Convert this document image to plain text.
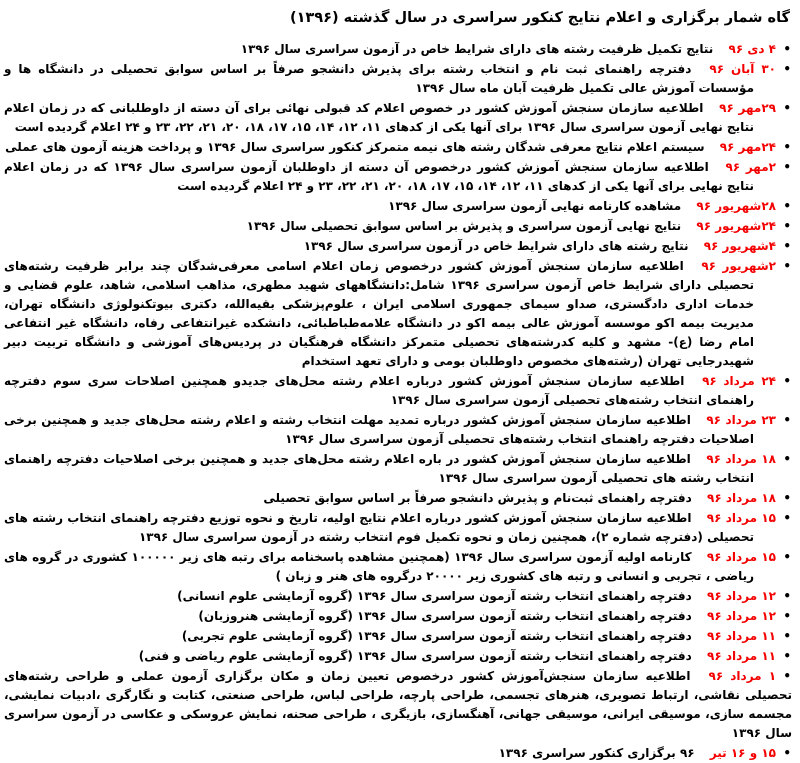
گاه شمار برگزاری و اعلام نتایج کنکور سراسری در سال گذشته (۱۳۹۶)
•
۴ دی ۹۶ نتایج تکمیل ظرفیت رشته های دارای شرایط خاص در آزمون سراسری سال ۱۳۹۶
•
۳۰ آبان ۹۶ دفترچه راهنمای ثبت نام و انتخاب رشته برای پذیرش دانشجو صرفاً بر اساس سوابق تحصیلی در دانشگاه ها و مؤسسات آموزش عالی تکمیل ظرفیت آبان ماه سال ۱۳۹۶
•
۲۹مهر ۹۶ اطلاعیه سازمان سنجش آموزش کشور در خصوص اعلام کد قبولی نهائی برای آن دسته از داوطلبانی که در زمان اعلام نتایج نهایی آزمون سراسری سال ۱۳۹۶ برای آنها یکی از کدهای ۱۱، ۱۲، ۱۴، ۱۵، ۱۷، ۱۸، ۲۰، ۲۱، ۲۲، ۲۳ و ۲۴ اعلام گردیده است
•
۲۴مهر ۹۶ سیستم اعلام نتایج معرفی شدگان رشته های نیمه متمرکز کنکور سراسری سال ۱۳۹۶ و پرداخت هزینه آزمون های عملی
•
۲مهر ۹۶ اطلاعیه سازمان سنجش آموزش کشور درخصوص آن دسته از داوطلبان آزمون سراسری سال ۱۳۹۶ که در زمان اعلام نتایج نهایی برای آنها یکی از کدهای ۱۱، ۱۲، ۱۴، ۱۵، ۱۷، ۱۸، ۲۰، ۲۱، ۲۲، ۲۳ و ۲۴ اعلام گردیده است
•
۲۸شهریور ۹۶ مشاهده کارنامه نهایی آزمون سراسری سال ۱۳۹۶
•
۲۴شهریور ۹۶ نتایج نهایی آزمون سراسری و پذیرش بر اساس سوابق تحصیلی سال ۱۳۹۶
•
۴شهریور ۹۶ نتایج رشته های دارای شرایط خاص در آزمون سراسری سال ۱۳۹۶
•
۲شهریور ۹۶ اطلاعیه سازمان سنجش آموزش کشور درخصوص زمان اعلام اسامی معرفی‌شدگان چند برابر ظرفیت رشته‌های تحصیلی دارای شرایط خاص آزمون سراسری ۱۳۹۶ شامل:دانشگاههای شهید مطهری، مذاهب اسلامی، شاهد، علوم قضایی و خدمات اداری دادگستری، صداو سیمای جمهوری اسلامی ایران ، علوم‌پزشکی بقیه‌الله، دکتری بیوتکنولوژی دانشگاه تهران، مدیریت بیمه اکو موسسه آموزش عالی بیمه اکو در دانشگاه علامه‌طباطبائی، دانشکده غیرانتفاعی رفاه، دانشگاه غیر انتفاعی امام رضا (ع)- مشهد و کلیه کدرشته‌های تحصیلی متمرکز دانشگاه فرهنگیان در پردیس‌های آموزشی و دانشگاه تربیت دبیر شهیدرجایی تهران (رشته‌های مخصوص داوطلبان بومی و دارای تعهد استخدام
•
۲۴ مرداد ۹۶ اطلاعیه سازمان سنجش آموزش کشور درباره اعلام رشته محل‌های جدیدو همچنین اصلاحات سری سوم دفترچه راهنمای انتخاب رشته‌های تحصیلی آزمون سراسری سال ۱۳۹۶
•
۲۳ مرداد ۹۶ اطلاعیه سازمان سنجش آموزش کشور درباره تمدید مهلت انتخاب رشته و اعلام رشته محل‌های جدید و همچنین برخی اصلاحیات دفترچه راهنمای انتخاب رشته‌های تحصیلی آزمون سراسری سال ۱۳۹۶
•
۱۸ مرداد ۹۶ اطلاعیه سازمان سنجش آموزش کشور در باره اعلام رشته محل‌های جدید و همچنین برخی اصلاحیات دفترچه راهنمای انتخاب رشته های تحصیلی آزمون سراسری سال ۱۳۹۶
•
۱۸ مرداد ۹۶ دفترچه راهنمای ثبت‌نام و پذیرش دانشجو صرفاً بر اساس سوابق تحصیلی
•
۱۵ مرداد ۹۶ اطلاعیه سازمان سنجش آموزش کشور درباره اعلام نتایج اولیه، تاریخ و نحوه توزیع دفترچه راهنمای انتخاب رشته های تحصیلی (دفترچه شماره ۲)، همچنین زمان و نحوه تکمیل فوم انتخاب رشته در آزمون سراسری سال ۱۳۹۶
•
۱۵ مرداد ۹۶ کارنامه اولیه آزمون سراسری سال ۱۳۹۶ (همچنین مشاهده پاسخنامه برای رتبه های زیر ۱۰۰۰۰۰ کشوری در گروه های ریاضی ، تجربی و انسانی و رتبه های کشوری زیر ۲۰۰۰۰ درگروه های هنر و زبان )
•
۱۲ مرداد ۹۶ دفترچه راهنمای انتخاب رشته آزمون سراسری سال ۱۳۹۶ (گروه آزمایشی علوم انسانی)
•
۱۲ مرداد ۹۶ دفترچه راهنمای انتخاب رشته آزمون سراسری سال ۱۳۹۶ (گروه آزمایشی هنروزبان)
•
۱۱ مرداد ۹۶ دفترچه راهنمای انتخاب رشته آزمون سراسری سال ۱۳۹۶ (گروه آزمایشی علوم تجربی)
•
۱۱ مرداد ۹۶ دفترچه راهنمای انتخاب رشته آزمون سراسری سال ۱۳۹۶ (گروه آزمایشی علوم ریاضی و فنی)
•
۱ مرداد ۹۶ اطلاعیه سازمان سنجش‌آموزش کشور درخصوص تعیین زمان و مکان برگزاری آزمون عملی و طراحی رشته‌های تحصیلی نقاشی، ارتباط تصویری، هنرهای تجسمی، طراحی پارچه، طراحی لباس، طراحی صنعتی، کتابت و نگارگری ،ادبیات نمایشی، مجسمه سازی، موسیقی ایرانی، موسیقی جهانی، آهنگسازی، بازیگری ، طراحی صحنه، نمایش عروسکی و عکاسی در آزمون سراسری سال ۱۳۹۶
•
۱۵ و ۱۶ تیر ۹۶ برگزاری کنکور سراسری ۱۳۹۶
